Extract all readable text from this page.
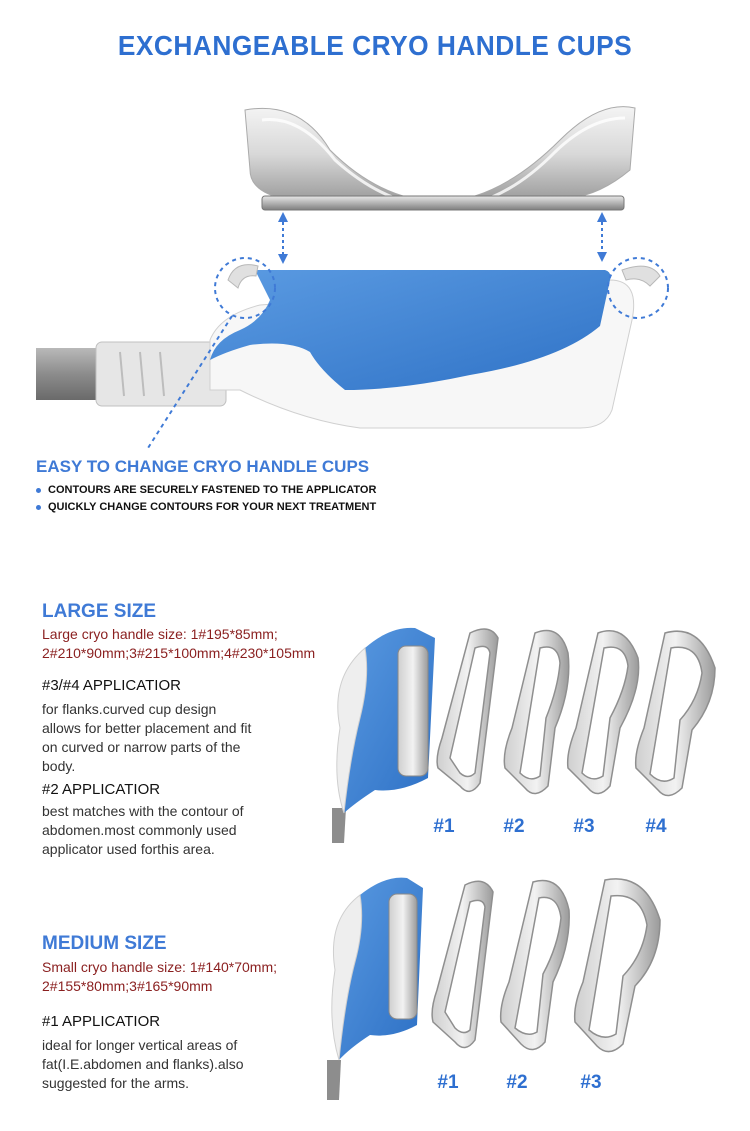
EXCHANGEABLE CRYO HANDLE CUPS
EASY TO CHANGE CRYO HANDLE CUPS
CONTOURS ARE SECURELY FASTENED TO THE APPLICATOR
QUICKLY CHANGE CONTOURS FOR YOUR NEXT TREATMENT
LARGE SIZE
Large cryo handle size: 1#195*85mm;
2#210*90mm;3#215*100mm;4#230*105mm
#3/#4 APPLICATIOR
for flanks.curved cup design
allows for better placement and fit
on curved or narrow parts of the
body.
#2 APPLICATIOR
best matches with the contour of
abdomen.most commonly used
applicator used forthis area.
#1	#2	#3	#4
MEDIUM SIZE
Small cryo handle size: 1#140*70mm;
2#155*80mm;3#165*90mm
#1 APPLICATIOR
ideal for longer vertical areas of
fat(I.E.abdomen and flanks).also
suggested for the arms.	#1	#2	#3
